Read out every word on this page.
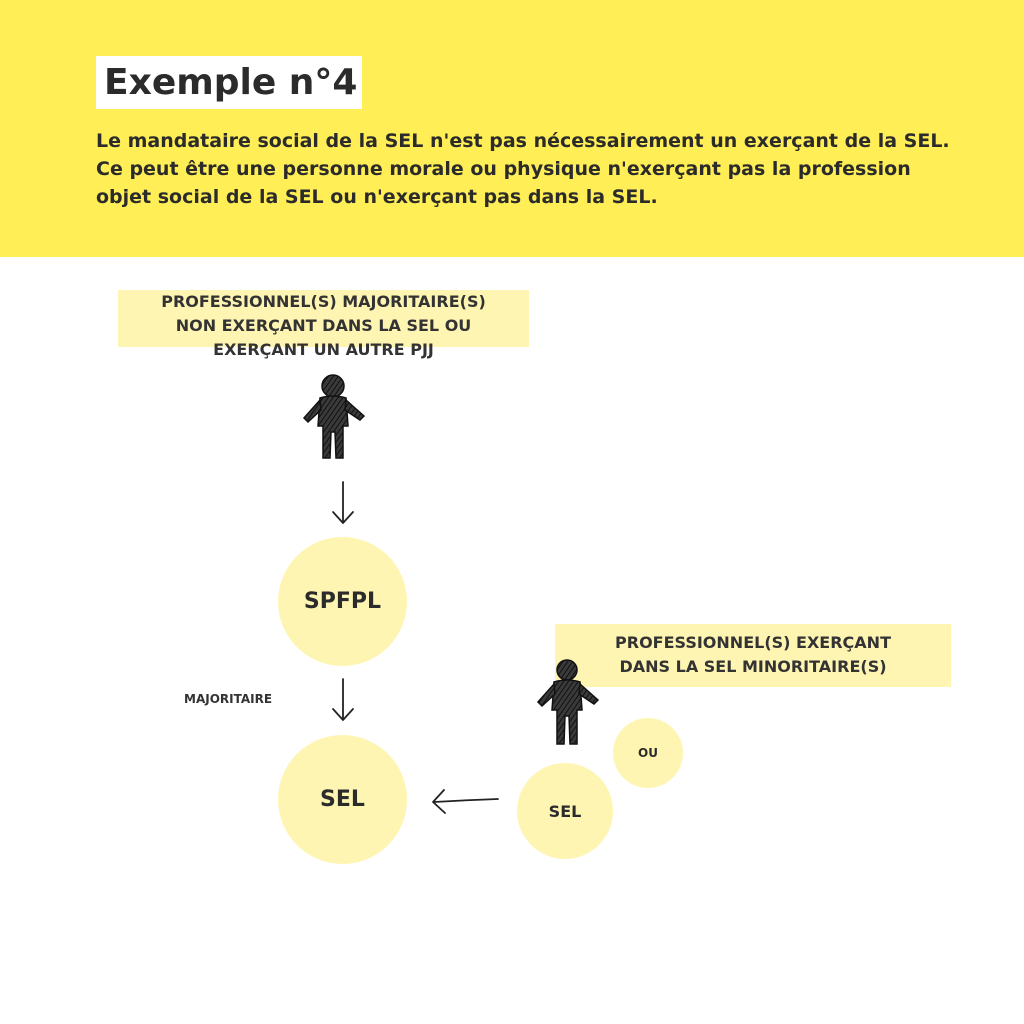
Exemple n°4
Le mandataire social de la SEL n'est pas nécessairement un exerçant de la SEL.
Ce peut être une personne morale ou physique n'exerçant pas la profession
objet social de la SEL ou n'exerçant pas dans la SEL.
PROFESSIONNEL(S) MAJORITAIRE(S)
NON EXERÇANT DANS LA SEL OU
EXERÇANT UN AUTRE PJJ
SPFPL
MAJORITAIRE
SEL
PROFESSIONNEL(S) EXERÇANT
DANS LA SEL MINORITAIRE(S)
OU
SEL
